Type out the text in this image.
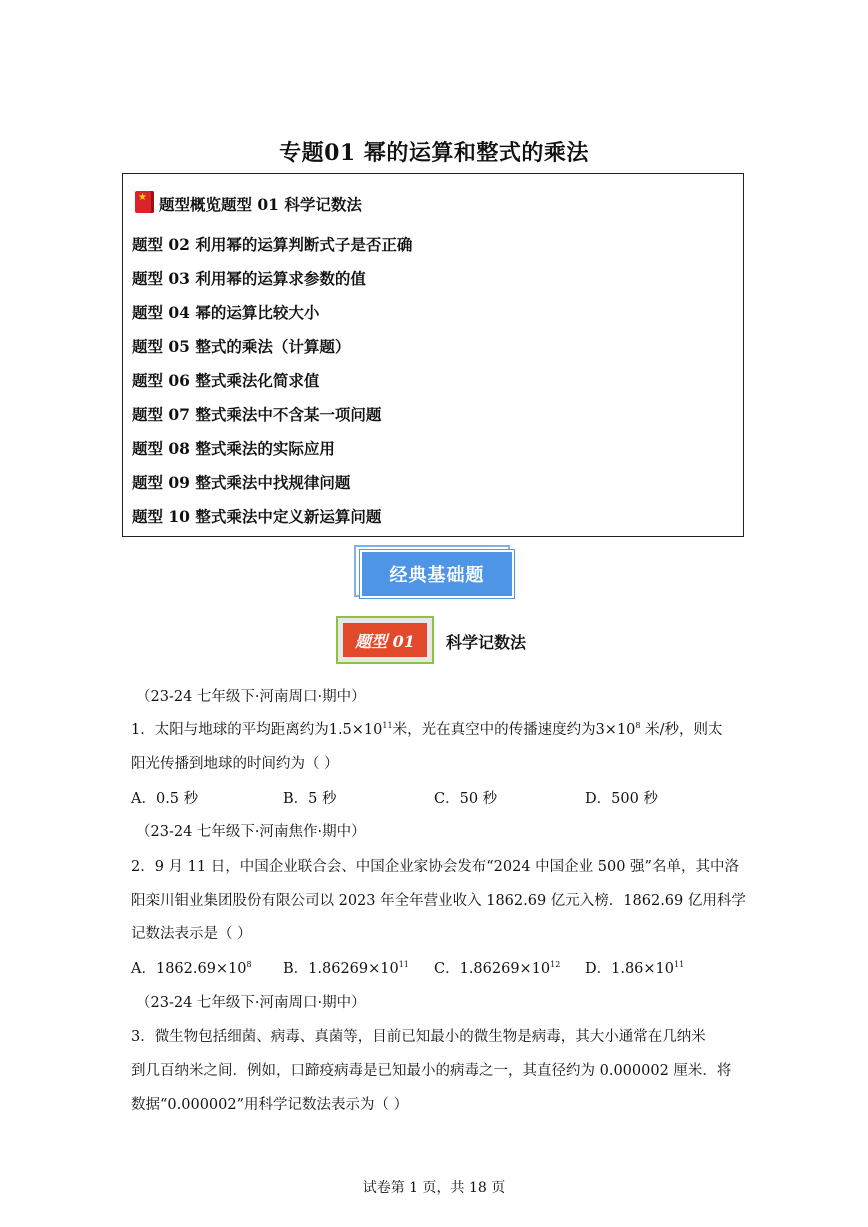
专题01 幂的运算和整式的乘法
★
题型概览题型 01 科学记数法
题型 02 利用幂的运算判断式子是否正确
题型 03 利用幂的运算求参数的值
题型 04 幂的运算比较大小
题型 05 整式的乘法（计算题）
题型 06 整式乘法化简求值
题型 07 整式乘法中不含某一项问题
题型 08 整式乘法的实际应用
题型 09 整式乘法中找规律问题
题型 10 整式乘法中定义新运算问题
经典基础题
题型 01	科学记数法
（23-24 七年级下·河南周口·期中）
1．太阳与地球的平均距离约为$1.5\times 10^{11}$米，光在真空中的传播速度约为$3\times 10^8$ 米/秒，则太
阳光传播到地球的时间约为（ ）
A．0.5 秒	B．5 秒	C．50 秒	D．500 秒
（23-24 七年级下·河南焦作·期中）
2．9 月 11 日，中国企业联合会、中国企业家协会发布“2024 中国企业 500 强”名单，其中洛
阳栾川钼业集团股份有限公司以 2023 年全年营业收入 1862.69 亿元入榜．1862.69 亿用科学
记数法表示是（ ）
A．$1862.69\times 10^8$ B．$1.86269\times 10^{11}$ C．$1.86269\times 10^{12}$ D．$1.86\times 10^{11}$
（23-24 七年级下·河南周口·期中）
3．微生物包括细菌、病毒、真菌等，目前已知最小的微生物是病毒，其大小通常在几纳米
到几百纳米之间．例如，口蹄疫病毒是已知最小的病毒之一，其直径约为 0.000002 厘米．将
数据“0.000002”用科学记数法表示为（ ）
试卷第 1 页，共 18 页
